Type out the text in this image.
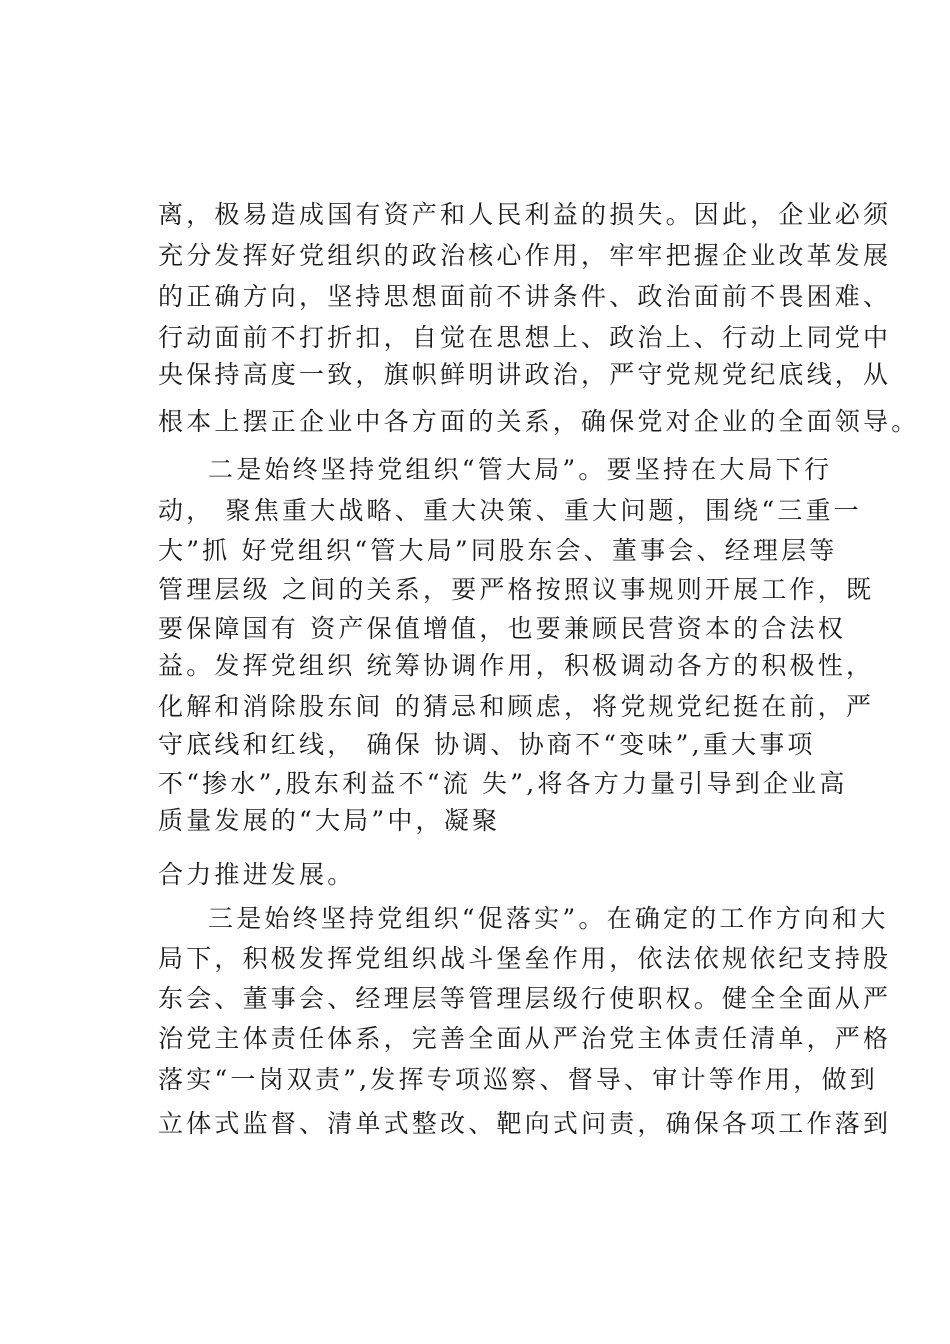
离，极易造成国有资产和人民利益的损失。因此，企业必须
充分发挥好党组织的政治核心作用，牢牢把握企业改革发展
的正确方向，坚持思想面前不讲条件、政治面前不畏困难、
行动面前不打折扣，自觉在思想上、政治上、行动上同党中
央保持高度一致，旗帜鲜明讲政治，严守党规党纪底线，从
根本上摆正企业中各方面的关系，确保党对企业的全面领导。
二是始终坚持党组织“管大局”。要坚持在大局下行
动， 聚焦重大战略、重大决策、重大问题，围绕“三重一
大”抓 好党组织“管大局”同股东会、董事会、经理层等
管理层级 之间的关系，要严格按照议事规则开展工作，既
要保障国有 资产保值增值，也要兼顾民营资本的合法权
益。发挥党组织 统筹协调作用，积极调动各方的积极性，
化解和消除股东间 的猜忌和顾虑，将党规党纪挺在前，严
守底线和红线， 确保 协调、协商不“变味”,重大事项
不“掺水”,股东利益不“流 失”,将各方力量引导到企业高
质量发展的“大局”中，凝聚
合力推进发展。
三是始终坚持党组织“促落实”。在确定的工作方向和大
局下，积极发挥党组织战斗堡垒作用，依法依规依纪支持股
东会、董事会、经理层等管理层级行使职权。健全全面从严
治党主体责任体系，完善全面从严治党主体责任清单，严格
落实“一岗双责”,发挥专项巡察、督导、审计等作用，做到
立体式监督、清单式整改、靶向式问责，确保各项工作落到
